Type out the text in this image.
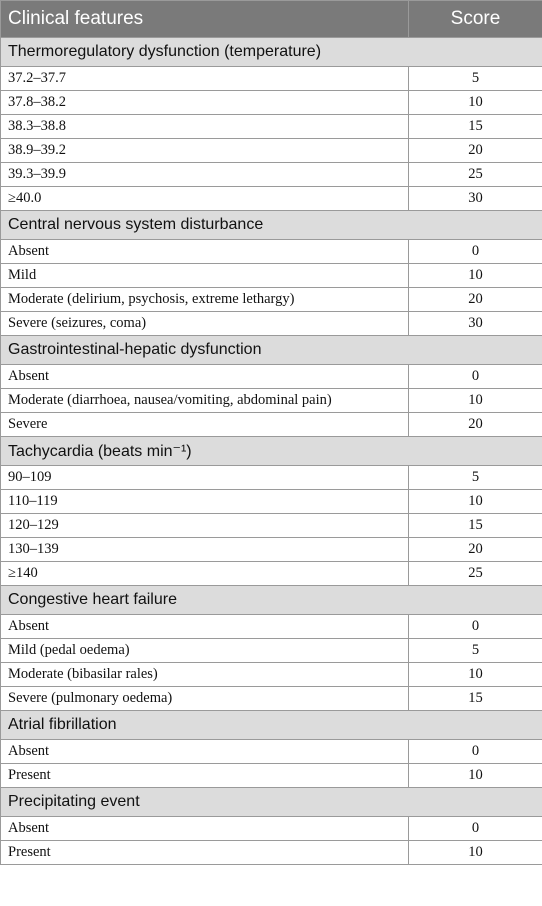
Clinical features	Score
Thermoregulatory dysfunction (temperature)	
37.2–37.7	5
37.8–38.2	10
38.3–38.8	15
38.9–39.2	20
39.3–39.9	25
≥40.0	30
Central nervous system disturbance	
Absent	0
Mild	10
Moderate (delirium, psychosis, extreme lethargy)	20
Severe (seizures, coma)	30
Gastrointestinal-hepatic dysfunction	
Absent	0
Moderate (diarrhoea, nausea/vomiting, abdominal pain)	10
Severe	20
Tachycardia (beats min⁻¹)	
90–109	5
110–119	10
120–129	15
130–139	20
≥140	25
Congestive heart failure	
Absent	0
Mild (pedal oedema)	5
Moderate (bibasilar rales)	10
Severe (pulmonary oedema)	15
Atrial fibrillation	
Absent	0
Present	10
Precipitating event	
Absent	0
Present	10
